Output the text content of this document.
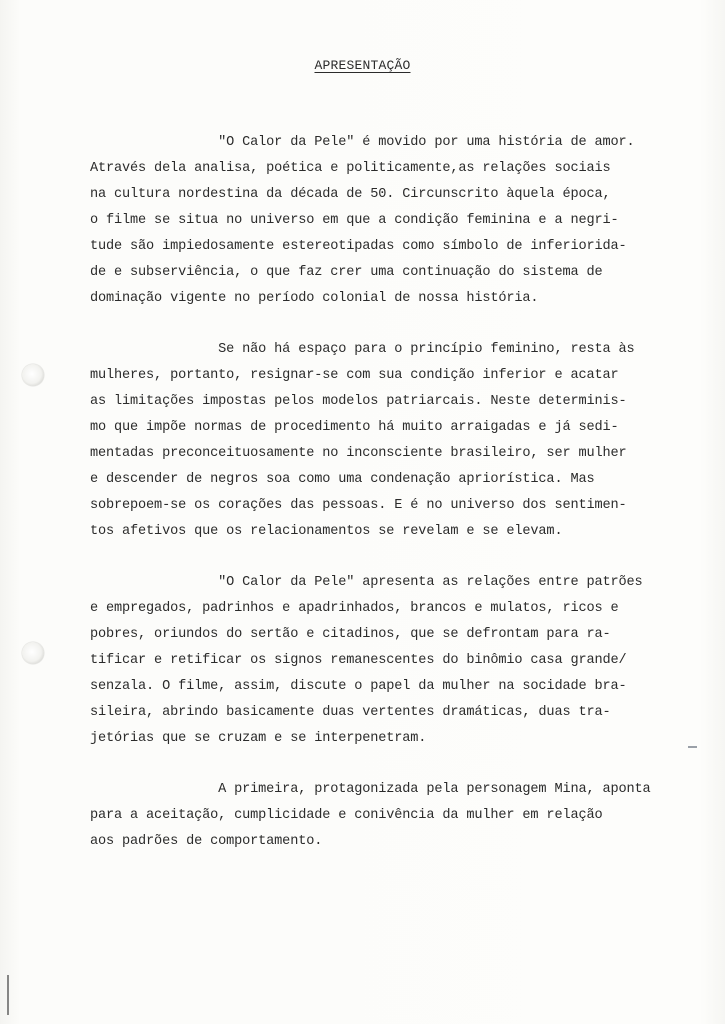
APRESENTAÇÃO
"O Calor da Pele" é movido por uma história de amor.
Através dela analisa, poética e politicamente,as relações sociais
na cultura nordestina da década de 50. Circunscrito àquela época,
o filme se situa no universo em que a condição feminina e a negri-
tude são impiedosamente estereotipadas como símbolo de inferiorida-
de e subserviência, o que faz crer uma continuação do sistema de
dominação vigente no período colonial de nossa história.
Se não há espaço para o princípio feminino, resta às
mulheres, portanto, resignar-se com sua condição inferior e acatar
as limitações impostas pelos modelos patriarcais. Neste determinis-
mo que impõe normas de procedimento há muito arraigadas e já sedi-
mentadas preconceituosamente no inconsciente brasileiro, ser mulher
e descender de negros soa como uma condenação apriorística. Mas
sobrepoem-se os corações das pessoas. E é no universo dos sentimen-
tos afetivos que os relacionamentos se revelam e se elevam.
"O Calor da Pele" apresenta as relações entre patrões
e empregados, padrinhos e apadrinhados, brancos e mulatos, ricos e
pobres, oriundos do sertão e citadinos, que se defrontam para ra-
tificar e retificar os signos remanescentes do binômio casa grande/
senzala. O filme, assim, discute o papel da mulher na socidade bra-
sileira, abrindo basicamente duas vertentes dramáticas, duas tra-
jetórias que se cruzam e se interpenetram.
A primeira, protagonizada pela personagem Mina, aponta
para a aceitação, cumplicidade e conivência da mulher em relação
aos padrões de comportamento.
